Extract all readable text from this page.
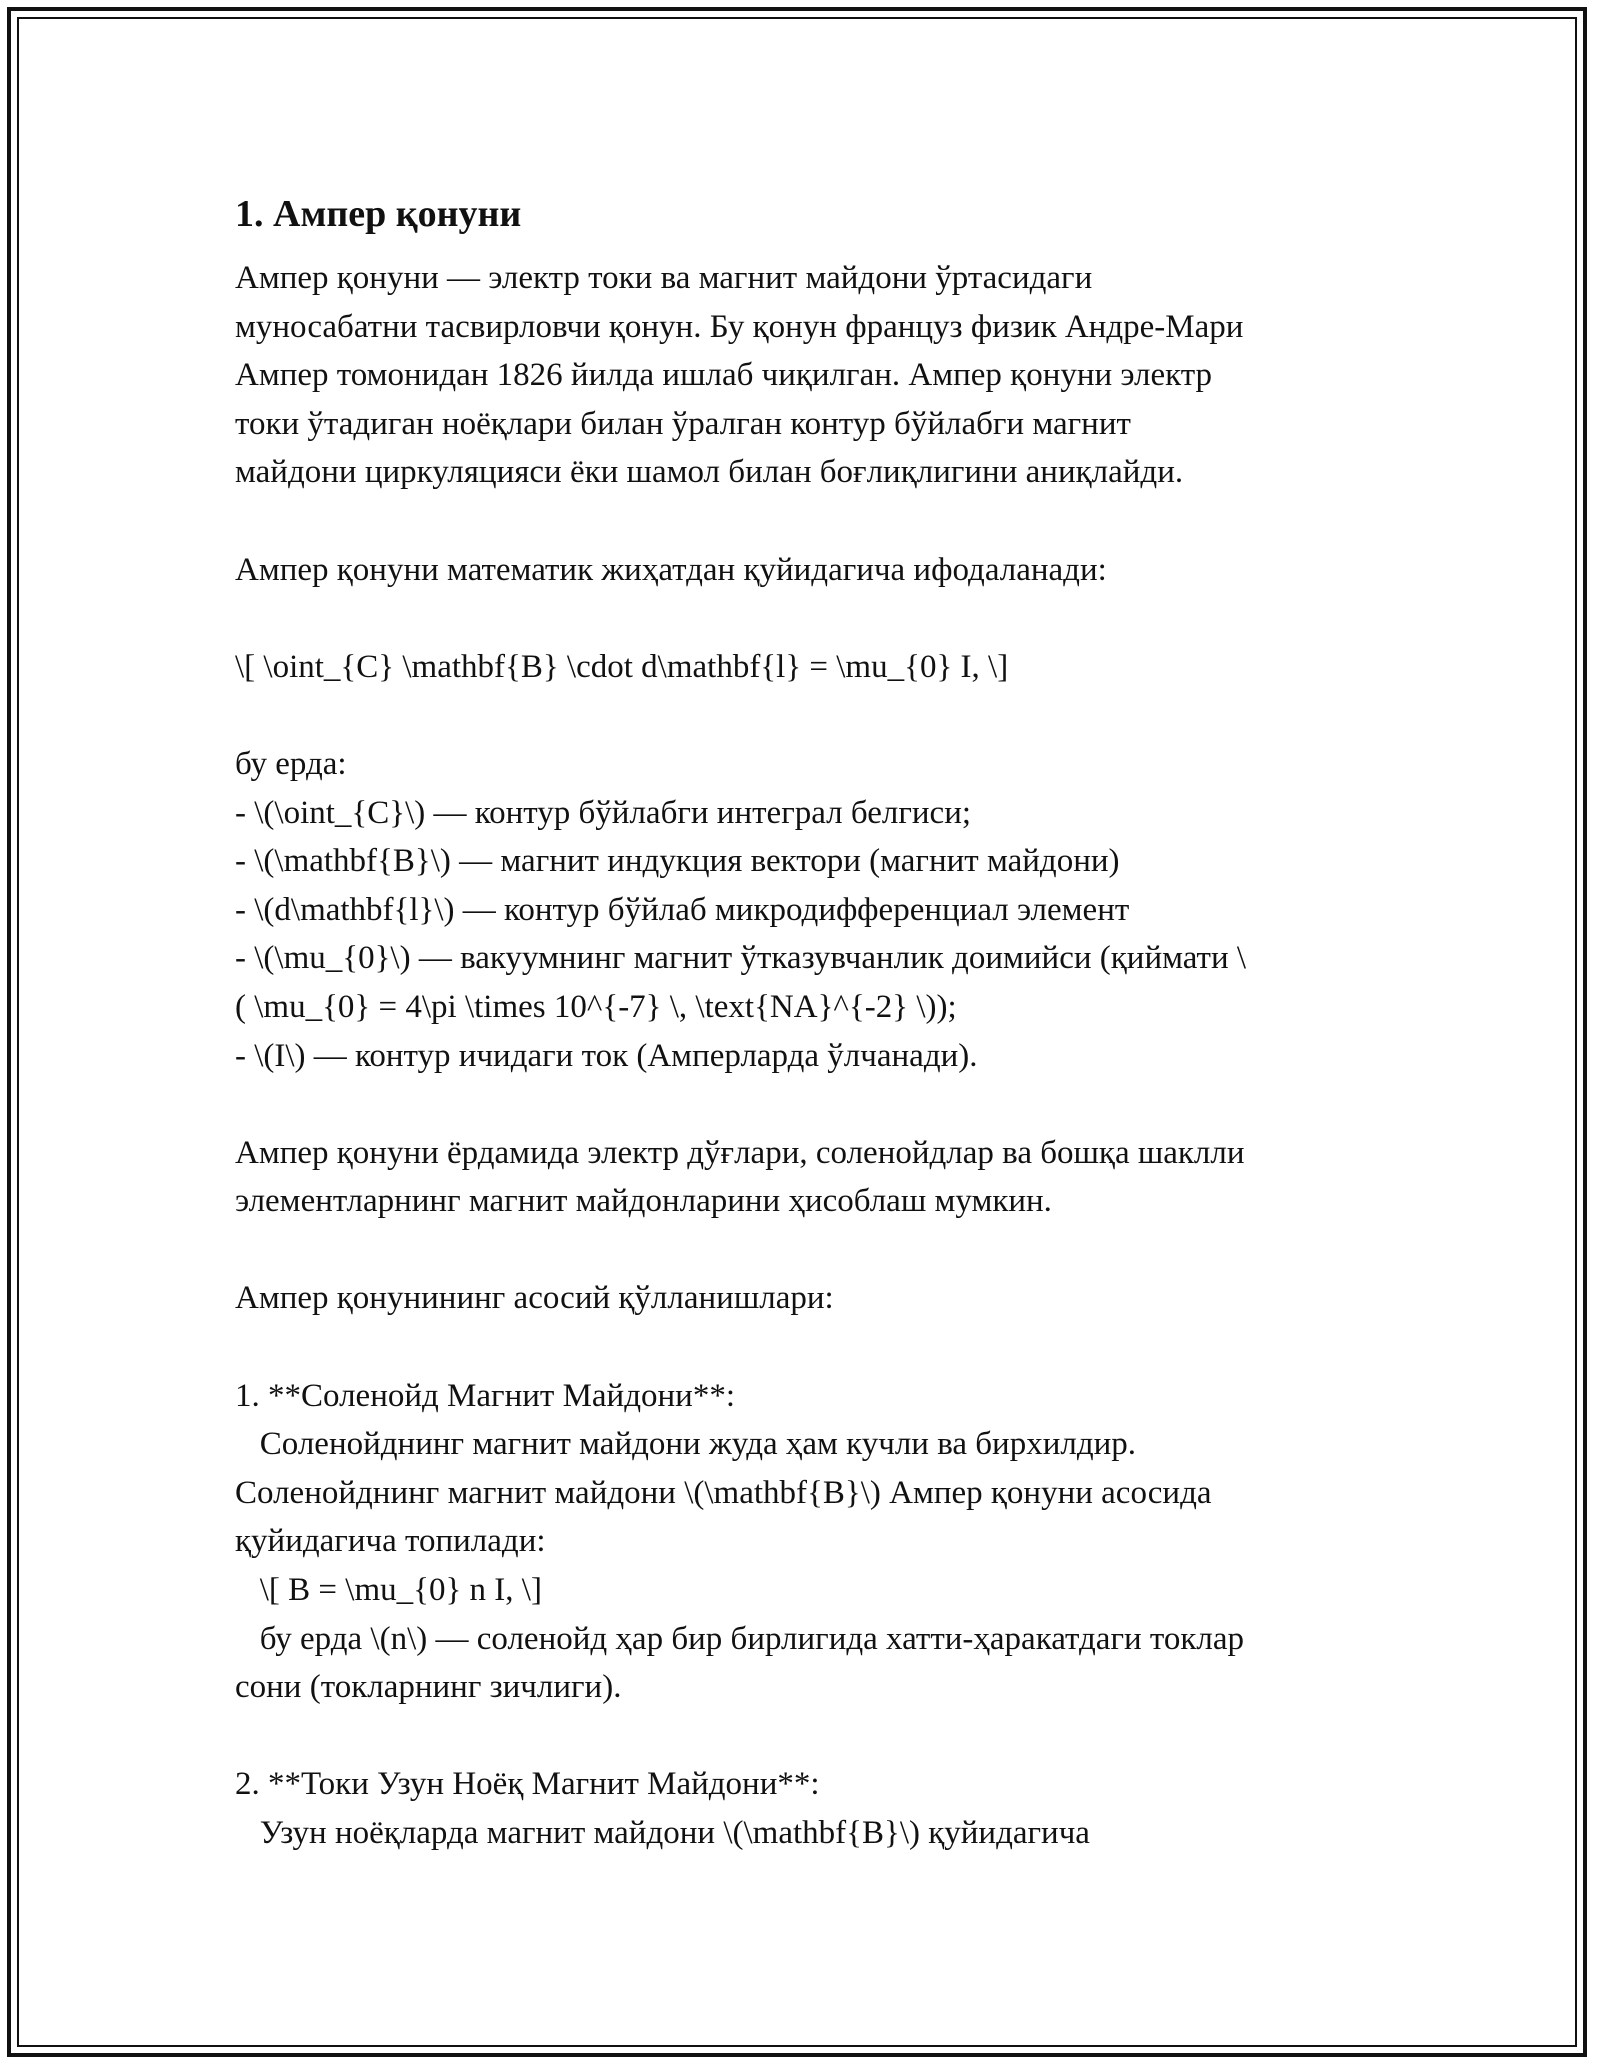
1. Ампер қонуни
Ампер қонуни — электр токи ва магнит майдони ўртасидаги
муносабатни тасвирловчи қонун. Бу қонун француз физик Андре-Мари
Ампер томонидан 1826 йилда ишлаб чиқилган. Ампер қонуни электр
токи ўтадиган ноёқлари билан ўралган контур бўйлабги магнит
майдони циркуляцияси ёки шамол билан боғлиқлигини аниқлайди.
Ампер қонуни математик жиҳатдан қуйидагича ифодаланади:
\[ \oint_{C} \mathbf{B} \cdot d\mathbf{l} = \mu_{0} I, \]
бу ерда:
- \(\oint_{C}\) — контур бўйлабги интеграл белгиси;
- \(\mathbf{B}\) — магнит индукция вектори (магнит майдони)
- \(d\mathbf{l}\) — контур бўйлаб микродифференциал элемент
- \(\mu_{0}\) — вакуумнинг магнит ўтказувчанлик доимийси (қиймати \
( \mu_{0} = 4\pi \times 10^{-7} \, \text{NA}^{-2} \));
- \(I\) — контур ичидаги ток (Амперларда ўлчанади).
Ампер қонуни ёрдамида электр дўғлари, соленойдлар ва бошқа шаклли
элементларнинг магнит майдонларини ҳисоблаш мумкин.
Ампер қонунининг асосий қўлланишлари:
1. **Соленойд Магнит Майдони**:
Соленойднинг магнит майдони жуда ҳам кучли ва бирхилдир.
Соленойднинг магнит майдони \(\mathbf{B}\) Ампер қонуни асосида
қуйидагича топилади:
\[ B = \mu_{0} n I, \]
бу ерда \(n\) — соленойд ҳар бир бирлигида хатти-ҳаракатдаги токлар
сони (токларнинг зичлиги).
2. **Токи Узун Ноёқ Магнит Майдони**:
Узун ноёқларда магнит майдони \(\mathbf{B}\) қуйидагича
